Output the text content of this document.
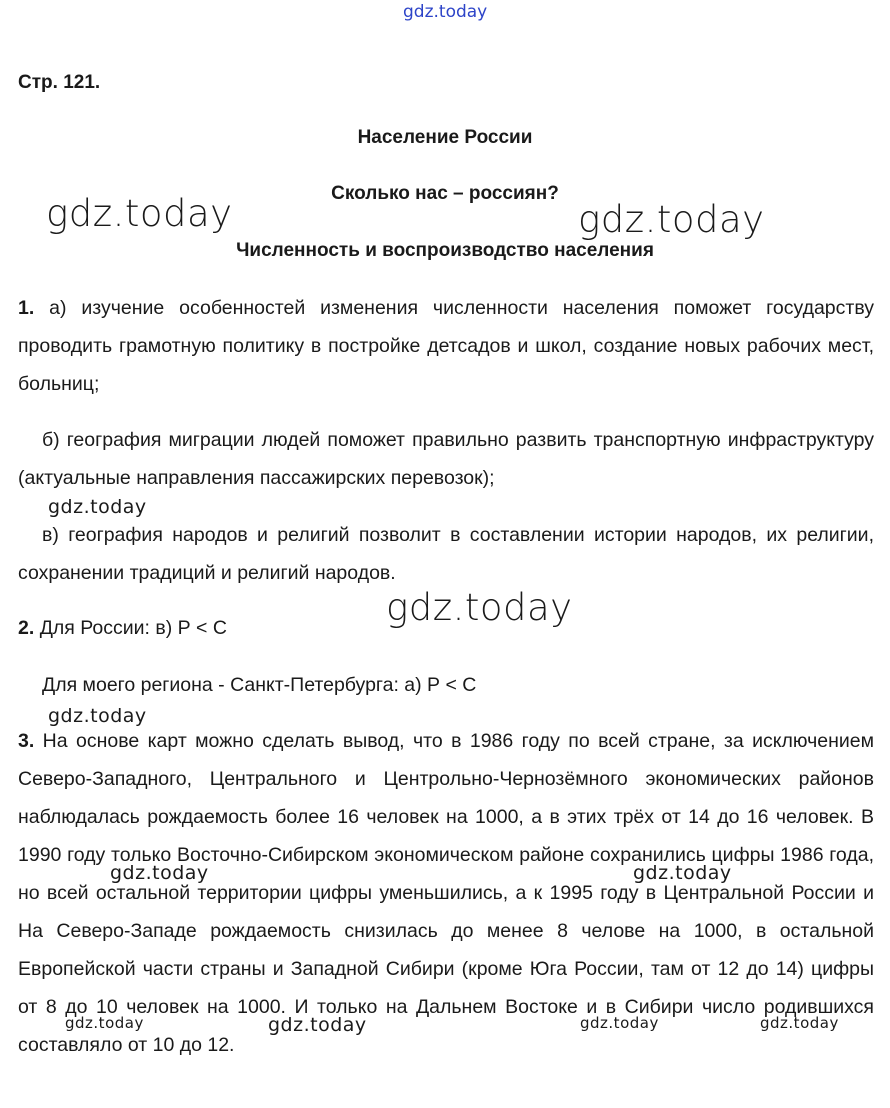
gdz.today
Стр. 121.
Население России
Сколько нас – россиян?
Численность и воспроизводство населения
gdz.today	gdz.today
gdz.today
1. а) изучение особенностей изменения численности населения поможет государству проводить грамотную политику в постройке детсадов и школ, создание новых рабочих мест, больниц;
б) география миграции людей поможет правильно развить транспортную инфраструктуру (актуальные направления пассажирских перевозок);
gdz.today
в) география народов и религий позволит в составлении истории народов, их религии, сохранении традиций и религий народов.
2. Для России: в) Р < С
Для моего региона - Санкт-Петербурга: а) Р < С
gdz.today
3. На основе карт можно сделать вывод, что в 1986 году по всей стране, за исключением Северо-Западного, Центрального и Центрольно-Чернозёмного экономических районов наблюдалась рождаемость более 16 человек на 1000, а в этих трёх от 14 до 16 человек. В 1990 году только Восточно-Сибирском экономическом районе сохранились цифры 1986 года, но всей остальной территории цифры уменьшились, а к 1995 году в Центральной России и На Северо-Западе рождаемость снизилась до менее 8 челове на 1000, в остальной Европейской части страны и Западной Сибири (кроме Юга России, там от 12 до 14) цифры от 8 до 10 человек на 1000. И только на Дальнем Востоке и в Сибири число родившихся составляло от 10 до 12.
gdz.today	gdz.today
gdz.today	gdz.today	gdz.today	gdz.today
